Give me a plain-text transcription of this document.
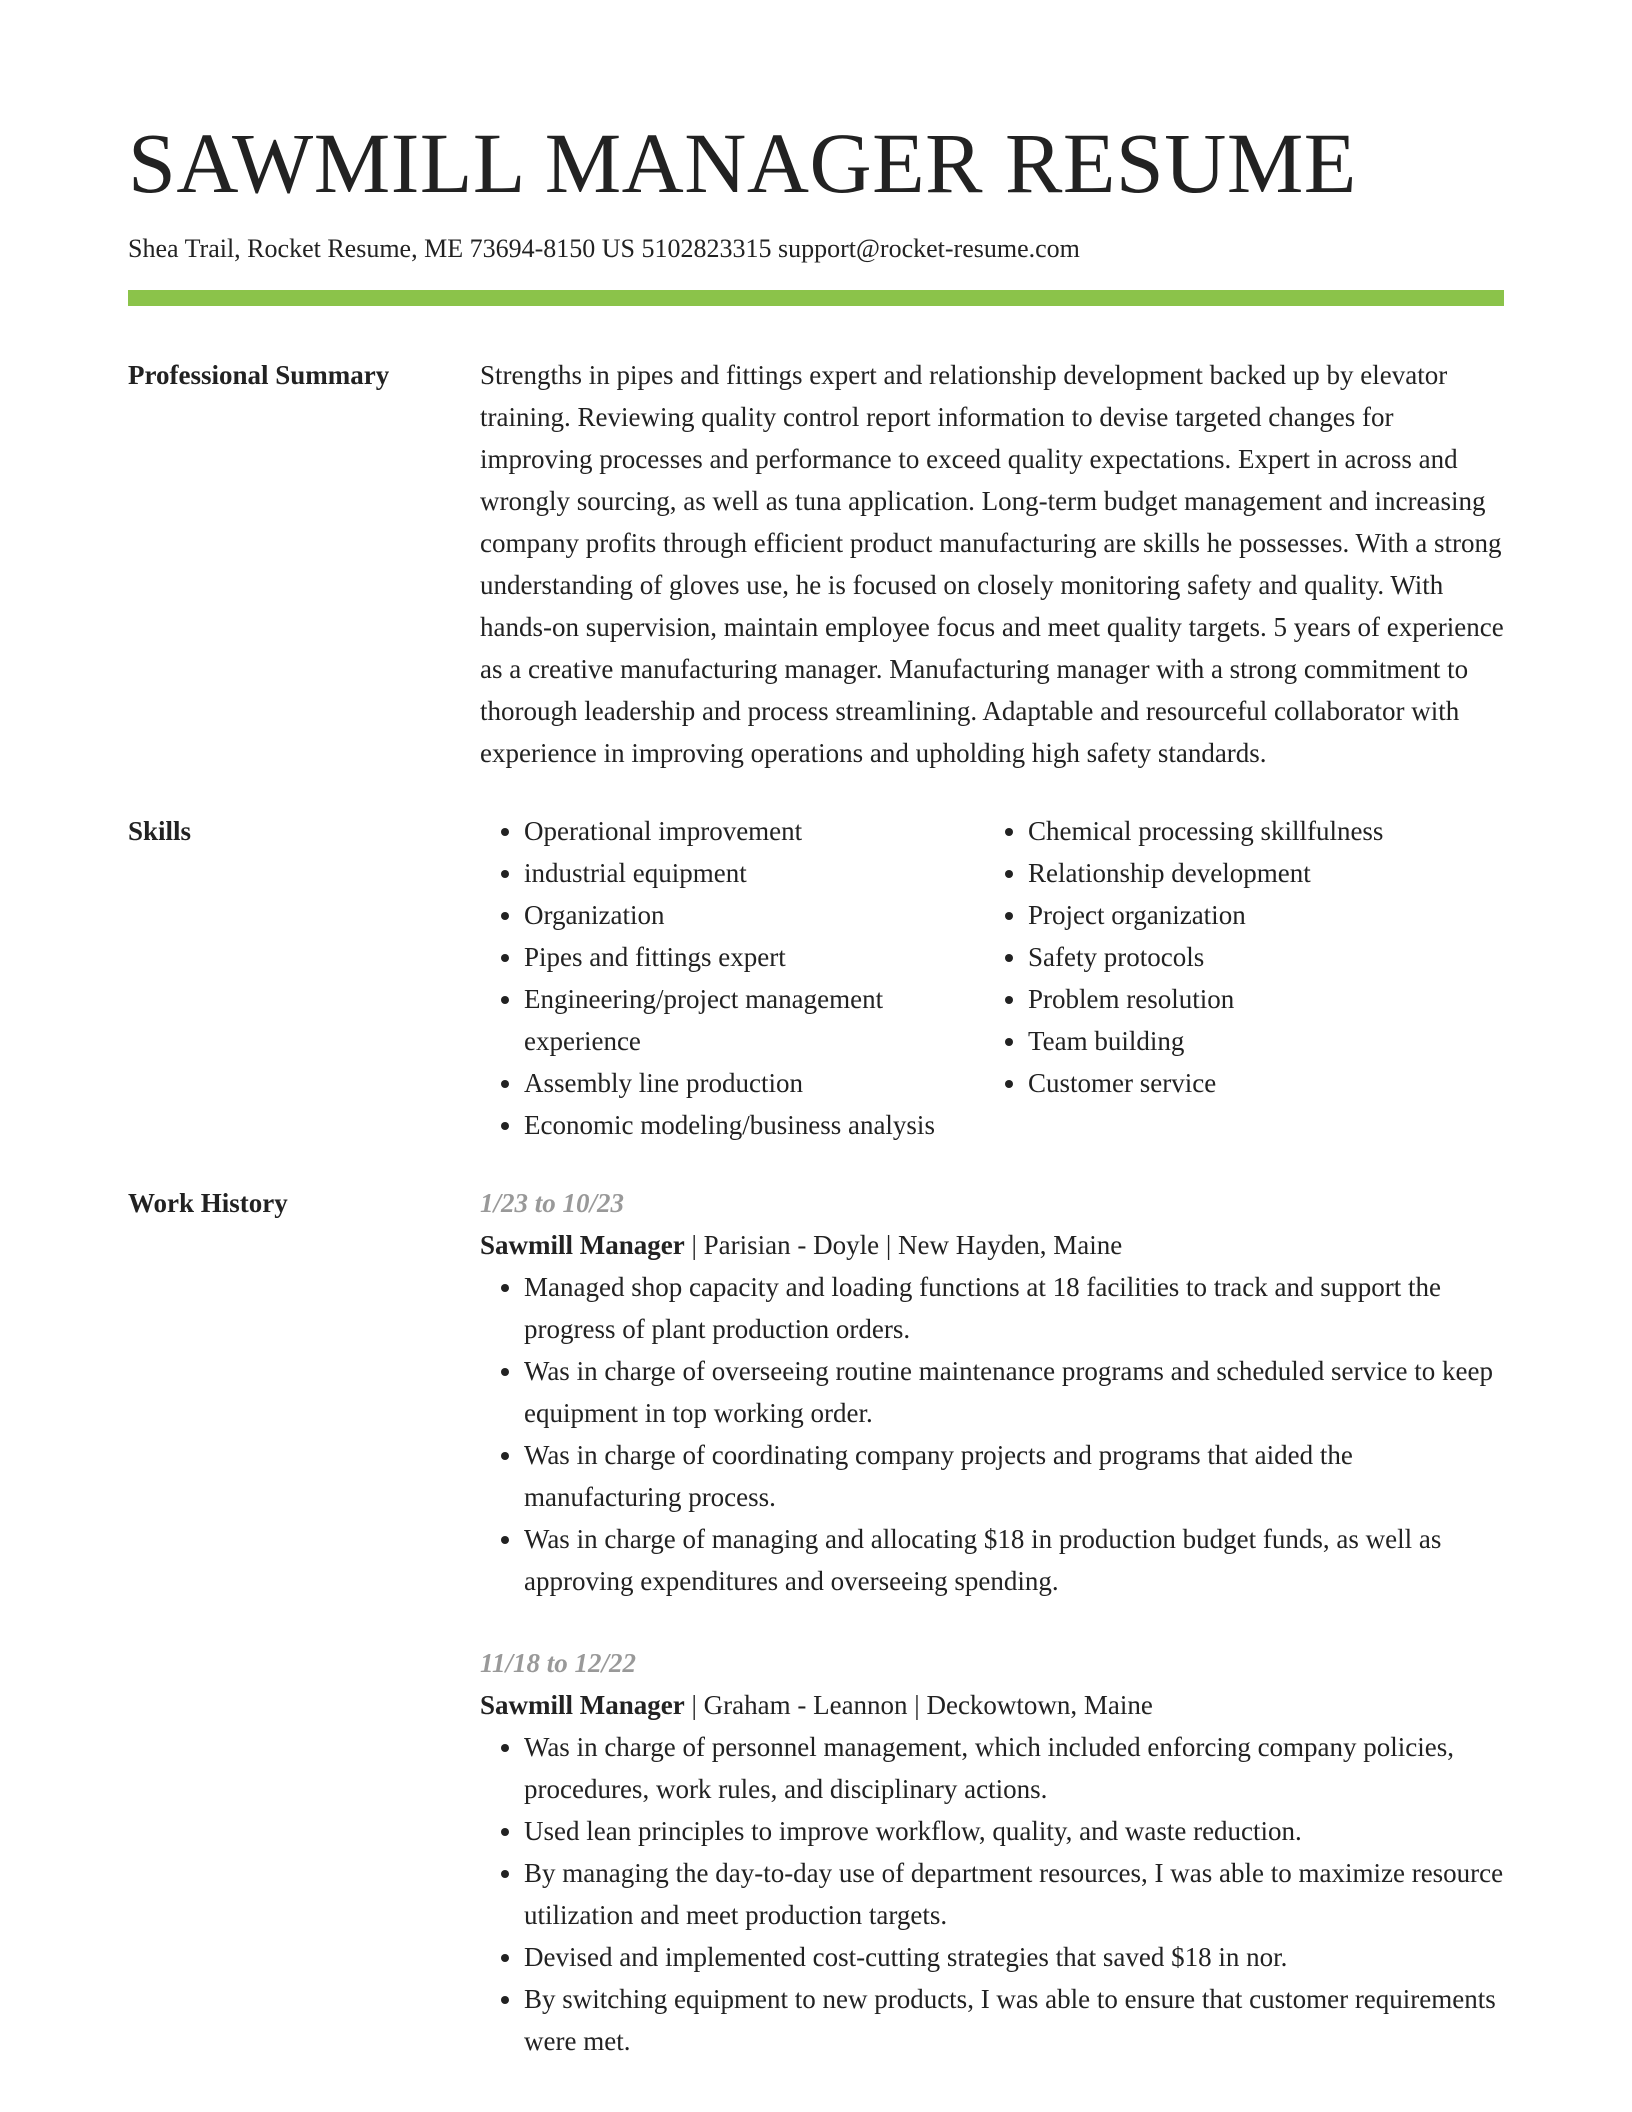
SAWMILL MANAGER RESUME
Shea Trail, Rocket Resume, ME 73694-8150 US 5102823315 support@rocket-resume.com
Professional Summary	Strengths in pipes and fittings expert and relationship development backed up by elevator training. Reviewing quality control report information to devise targeted changes for improving processes and performance to exceed quality expectations. Expert in across and wrongly sourcing, as well as tuna application. Long-term budget management and increasing company profits through efficient product manufacturing are skills he possesses. With a strong understanding of gloves use, he is focused on closely monitoring safety and quality. With hands-on supervision, maintain employee focus and meet quality targets. 5 years of experience as a creative manufacturing manager. Manufacturing manager with a strong commitment to thorough leadership and process streamlining. Adaptable and resourceful collaborator with experience in improving operations and upholding high safety standards.

Skills
•	Operational improvement
• industrial equipment
• Organization
• Pipes and fittings expert
• Engineering/project management experience
• Assembly line production
• Economic modeling/business analysis
• Chemical processing skillfulness
• Relationship development
• Project organization
• Safety protocols
• Problem resolution
• Team building
• Customer service
Work History	1/23 to 10/23
Sawmill Manager | Parisian - Doyle | New Hayden, Maine
• Managed shop capacity and loading functions at 18 facilities to track and support the progress of plant production orders.
• Was in charge of overseeing routine maintenance programs and scheduled service to keep equipment in top working order.
• Was in charge of coordinating company projects and programs that aided the manufacturing process.
• Was in charge of managing and allocating $18 in production budget funds, as well as approving expenditures and overseeing spending.
11/18 to 12/22
Sawmill Manager | Graham - Leannon | Deckowtown, Maine
• Was in charge of personnel management, which included enforcing company policies, procedures, work rules, and disciplinary actions.
• Used lean principles to improve workflow, quality, and waste reduction.
• By managing the day-to-day use of department resources, I was able to maximize resource utilization and meet production targets.
• Devised and implemented cost-cutting strategies that saved $18 in nor.
• By switching equipment to new products, I was able to ensure that customer requirements were met.
